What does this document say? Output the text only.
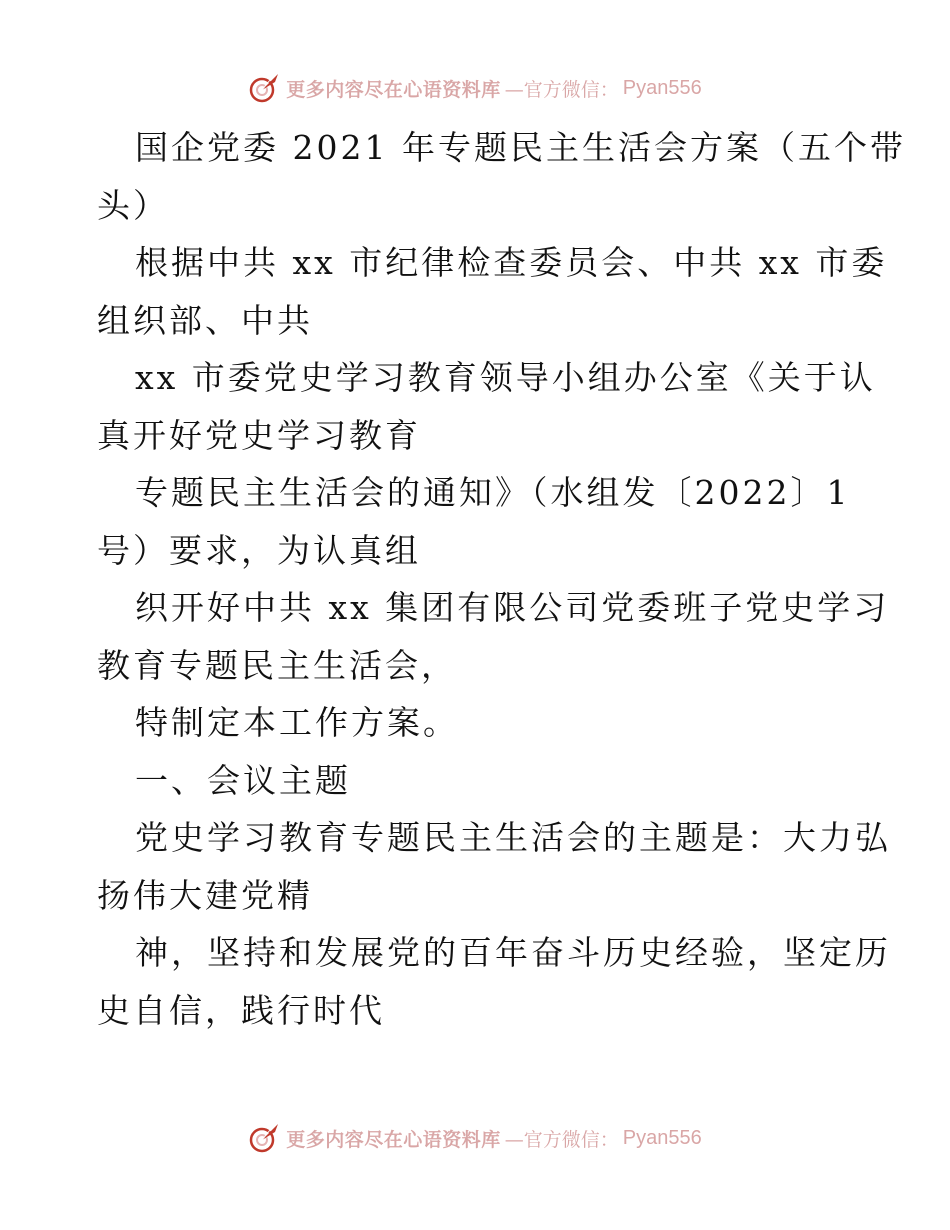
更多内容尽在心语资料库 —官方微信： Pyan556
国企党委 2021 年专题民主生活会方案（五个带
头）
根据中共 xx 市纪律检查委员会、中共 xx 市委
组织部、中共
xx 市委党史学习教育领导小组办公室《关于认
真开好党史学习教育
专题民主生活会的通知》（水组发〔2022〕1
号）要求，为认真组
织开好中共 xx 集团有限公司党委班子党史学习
教育专题民主生活会，
特制定本工作方案。
一、会议主题
党史学习教育专题民主生活会的主题是：大力弘
扬伟大建党精
神，坚持和发展党的百年奋斗历史经验，坚定历
史自信，践行时代
更多内容尽在心语资料库 —官方微信： Pyan556
